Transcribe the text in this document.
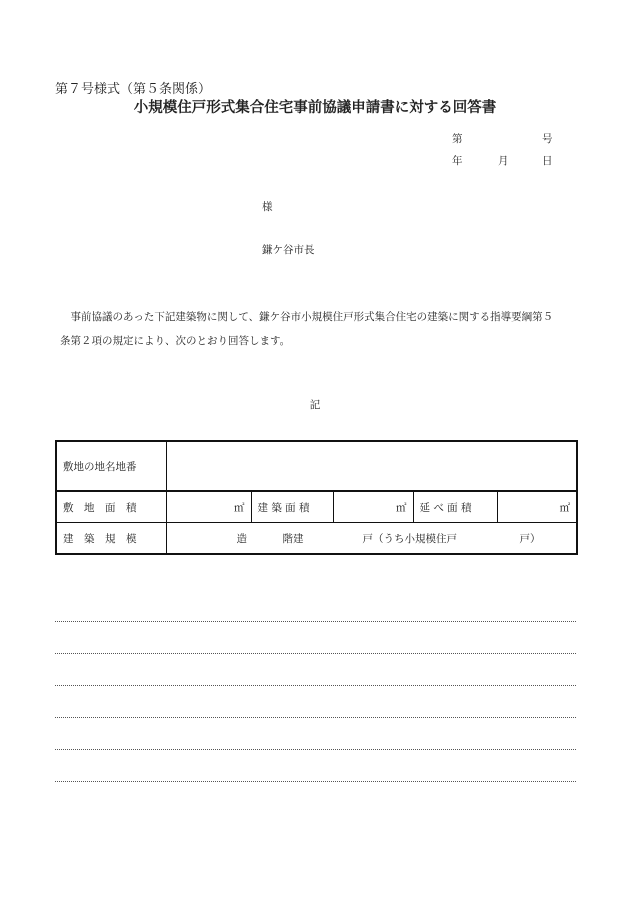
第７号様式（第５条関係）
小規模住戸形式集合住宅事前協議申請書に対する回答書
第	号
年	月	日
様
鎌ケ谷市長
事前協議のあった下記建築物に関して、鎌ケ谷市小規模住戸形式集合住宅の建築に関する指導要綱第５条第２項の規定により、次のとおり回答します。
記
敷地の地名地番					
敷　地　面　積	㎡	建 築 面 積	㎡	延 べ 面 積	㎡
建　築　規　模	造 階建 戸（うち小規模住戸 戸）				
